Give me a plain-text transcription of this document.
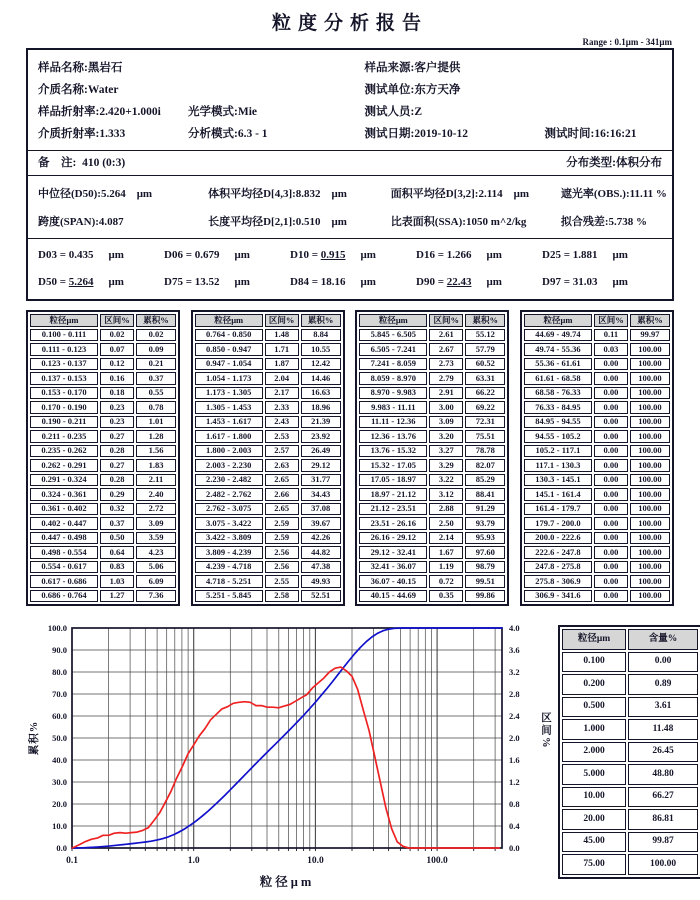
粒度分析报告
Range : 0.1μm - 341μm
样品名称:黑岩石
介质名称:Water
样品折射率:2.420+1.000i 光学模式:Mie
介质折射率:1.333	分析模式:6.3 - 1
样品来源:客户提供
测试单位:东方天净
测试人员:Z
测试日期:2019-10-12	测试时间:16:16:21
备　注: 410 (0:3)	分布类型:体积分布
中位径(D50):5.264 μm	体积平均径D[4,3]:8.832 μm	面积平均径D[3,2]:2.114 μm	遮光率(OBS.):11.11 %
跨度(SPAN):4.087	长度平均径D[2,1]:0.510 μm	比表面积(SSA):1050 m^2/kg	拟合残差:5.738 %
D03 = 0.435 μm	D06 = 0.679 μm	D10 = 0.915 μm	D16 = 1.266 μm	D25 = 1.881 μm
D50 = 5.264 μm	D75 = 13.52 μm	D84 = 18.16 μm	D90 = 22.43 μm	D97 = 31.03 μm
粒径μm	区间%	累积%
0.100 - 0.111	0.02	0.02
0.111 - 0.123	0.07	0.09
0.123 - 0.137	0.12	0.21
0.137 - 0.153	0.16	0.37
0.153 - 0.170	0.18	0.55
0.170 - 0.190	0.23	0.78
0.190 - 0.211	0.23	1.01
0.211 - 0.235	0.27	1.28
0.235 - 0.262	0.28	1.56
0.262 - 0.291	0.27	1.83
0.291 - 0.324	0.28	2.11
0.324 - 0.361	0.29	2.40
0.361 - 0.402	0.32	2.72
0.402 - 0.447	0.37	3.09
0.447 - 0.498	0.50	3.59
0.498 - 0.554	0.64	4.23
0.554 - 0.617	0.83	5.06
0.617 - 0.686	1.03	6.09
0.686 - 0.764	1.27	7.36
粒径μm	区间%	累积%
0.764 - 0.850	1.48	8.84
0.850 - 0.947	1.71	10.55
0.947 - 1.054	1.87	12.42
1.054 - 1.173	2.04	14.46
1.173 - 1.305	2.17	16.63
1.305 - 1.453	2.33	18.96
1.453 - 1.617	2.43	21.39
1.617 - 1.800	2.53	23.92
1.800 - 2.003	2.57	26.49
2.003 - 2.230	2.63	29.12
2.230 - 2.482	2.65	31.77
2.482 - 2.762	2.66	34.43
2.762 - 3.075	2.65	37.08
3.075 - 3.422	2.59	39.67
3.422 - 3.809	2.59	42.26
3.809 - 4.239	2.56	44.82
4.239 - 4.718	2.56	47.38
4.718 - 5.251	2.55	49.93
5.251 - 5.845	2.58	52.51
粒径μm	区间%	累积%
5.845 - 6.505	2.61	55.12
6.505 - 7.241	2.67	57.79
7.241 - 8.059	2.73	60.52
8.059 - 8.970	2.79	63.31
8.970 - 9.983	2.91	66.22
9.983 - 11.11	3.00	69.22
11.11 - 12.36	3.09	72.31
12.36 - 13.76	3.20	75.51
13.76 - 15.32	3.27	78.78
15.32 - 17.05	3.29	82.07
17.05 - 18.97	3.22	85.29
18.97 - 21.12	3.12	88.41
21.12 - 23.51	2.88	91.29
23.51 - 26.16	2.50	93.79
26.16 - 29.12	2.14	95.93
29.12 - 32.41	1.67	97.60
32.41 - 36.07	1.19	98.79
36.07 - 40.15	0.72	99.51
40.15 - 44.69	0.35	99.86
粒径μm	区间%	累积%
44.69 - 49.74	0.11	99.97
49.74 - 55.36	0.03	100.00
55.36 - 61.61	0.00	100.00
61.61 - 68.58	0.00	100.00
68.58 - 76.33	0.00	100.00
76.33 - 84.95	0.00	100.00
84.95 - 94.55	0.00	100.00
94.55 - 105.2	0.00	100.00
105.2 - 117.1	0.00	100.00
117.1 - 130.3	0.00	100.00
130.3 - 145.1	0.00	100.00
145.1 - 161.4	0.00	100.00
161.4 - 179.7	0.00	100.00
179.7 - 200.0	0.00	100.00
200.0 - 222.6	0.00	100.00
222.6 - 247.8	0.00	100.00
247.8 - 275.8	0.00	100.00
275.8 - 306.9	0.00	100.00
306.9 - 341.6	0.00	100.00
0.0
10.0
20.0
30.0
40.0
50.0
60.0
70.0
80.0
90.0
100.0
0.0
0.4
0.8
1.2
1.6
2.0
2.4
2.8
3.2
3.6
4.0
0.1	1.0	10.0	100.0
累积%
粒径μm
区间%
粒径μm	含量%
0.100	0.00
0.200	0.89
0.500	3.61
1.000	11.48
2.000	26.45
5.000	48.80
10.00	66.27
20.00	86.81
45.00	99.87
75.00	100.00
